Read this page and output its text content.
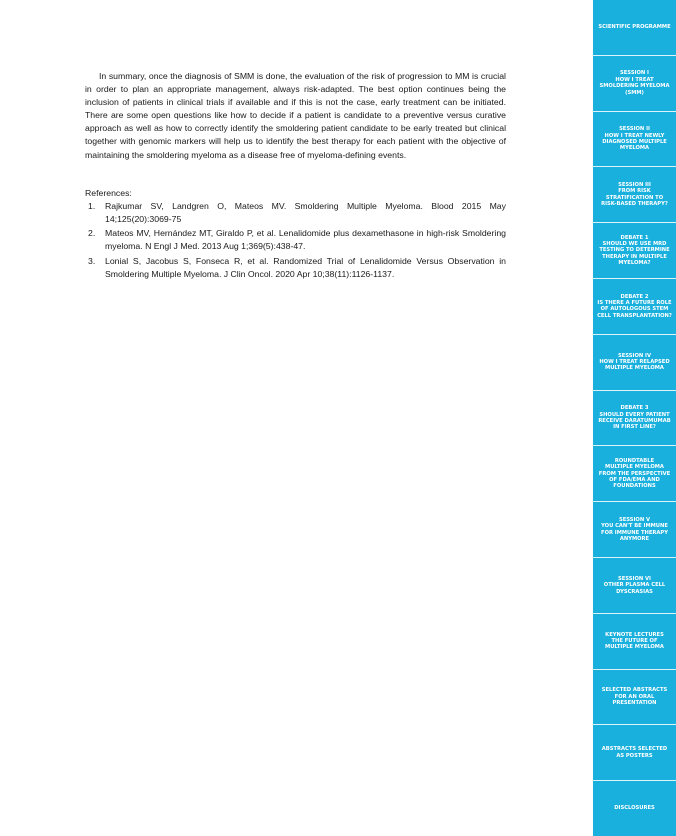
In summary, once the diagnosis of SMM is done, the evaluation of the risk of progression to MM is crucial in order to plan an appropriate management, always risk-adapted. The best option continues being the inclusion of patients in clinical trials if available and if this is not the case, early treatment can be initiated. There are some open questions like how to decide if a patient is candidate to a preventive versus curative approach as well as how to correctly identify the smoldering patient candidate to be early treated but clinical together with genomic markers will help us to identify the best therapy for each patient with the objective of maintaining the smoldering myeloma as a disease free of myeloma-defining events.

References:
1. Rajkumar SV, Landgren O, Mateos MV. Smoldering Multiple Myeloma. Blood 2015 May 14;125(20):3069-75
2. Mateos MV, Hernández MT, Giraldo P, et al. Lenalidomide plus dexamethasone in high-risk Smoldering myeloma. N Engl J Med. 2013 Aug 1;369(5):438-47.
3. Lonial S, Jacobus S, Fonseca R, et al. Randomized Trial of Lenalidomide Versus Observation in Smoldering Multiple Myeloma. J Clin Oncol. 2020 Apr 10;38(11):1126-1137.
SCIENTIFIC PROGRAMME
SESSION I
HOW I TREAT
SMOLDERING MYELOMA
(SMM)
SESSION II
HOW I TREAT NEWLY
DIAGNOSED MULTIPLE
MYELOMA
SESSION III
FROM RISK
STRATIFICATION TO
RISK-BASED THERAPY?
DEBATE 1
SHOULD WE USE MRD
TESTING TO DETERMINE
THERAPY IN MULTIPLE
MYELOMA?
DEBATE 2
IS THERE A FUTURE ROLE
OF AUTOLOGOUS STEM
CELL TRANSPLANTATION?
SESSION IV
HOW I TREAT RELAPSED
MULTIPLE MYELOMA
DEBATE 3
SHOULD EVERY PATIENT
RECEIVE DARATUMUMAB
IN FIRST LINE?
ROUNDTABLE
MULTIPLE MYELOMA
FROM THE PERSPECTIVE
OF FDA/EMA AND
FOUNDATIONS
SESSION V
YOU CAN'T BE IMMUNE
FOR IMMUNE THERAPY
ANYMORE
SESSION VI
OTHER PLASMA CELL
DYSCRASIAS
KEYNOTE LECTURES
THE FUTURE OF
MULTIPLE MYELOMA
SELECTED ABSTRACTS
FOR AN ORAL
PRESENTATION
ABSTRACTS SELECTED
AS POSTERS
DISCLOSURES
